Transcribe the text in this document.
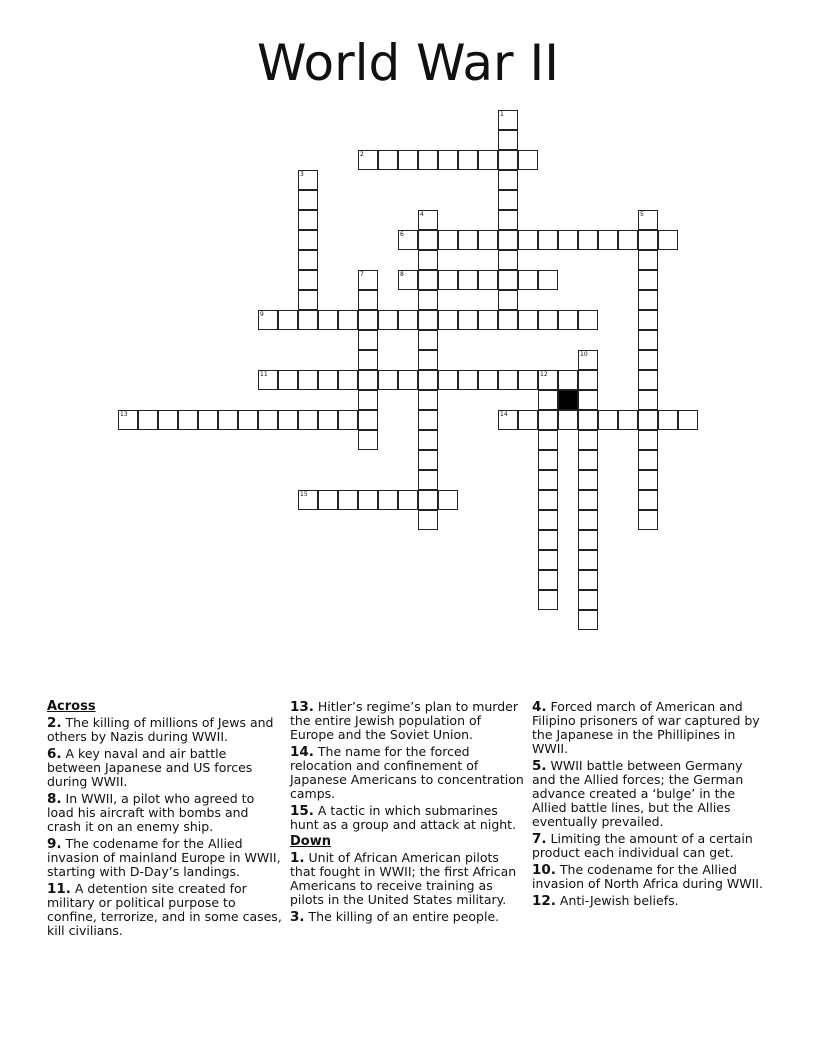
World War II
1
2
3
4	5
6
7	8
9
10
11	12
13	14
15
Across
2. The killing of millions of Jews and others by Nazis during WWII.
6. A key naval and air battle between Japanese and US forces during WWII.
8. In WWII, a pilot who agreed to load his aircraft with bombs and crash it on an enemy ship.
9. The codename for the Allied invasion of mainland Europe in WWII, starting with D-Day’s landings.
11. A detention site created for military or political purpose to confine, terrorize, and in some cases, kill civilians.
13. Hitler’s regime’s plan to murder the entire Jewish population of Europe and the Soviet Union.
14. The name for the forced relocation and confinement of Japanese Americans to concentration camps.
15. A tactic in which submarines hunt as a group and attack at night.
Down
1. Unit of African American pilots that fought in WWII; the first African Americans to receive training as pilots in the United States military.
3. The killing of an entire people.
4. Forced march of American and Filipino prisoners of war captured by the Japanese in the Phillipines in WWII.
5. WWII battle between Germany and the Allied forces; the German advance created a ‘bulge’ in the Allied battle lines, but the Allies eventually prevailed.
7. Limiting the amount of a certain product each individual can get.
10. The codename for the Allied invasion of North Africa during WWII.
12. Anti-Jewish beliefs.
